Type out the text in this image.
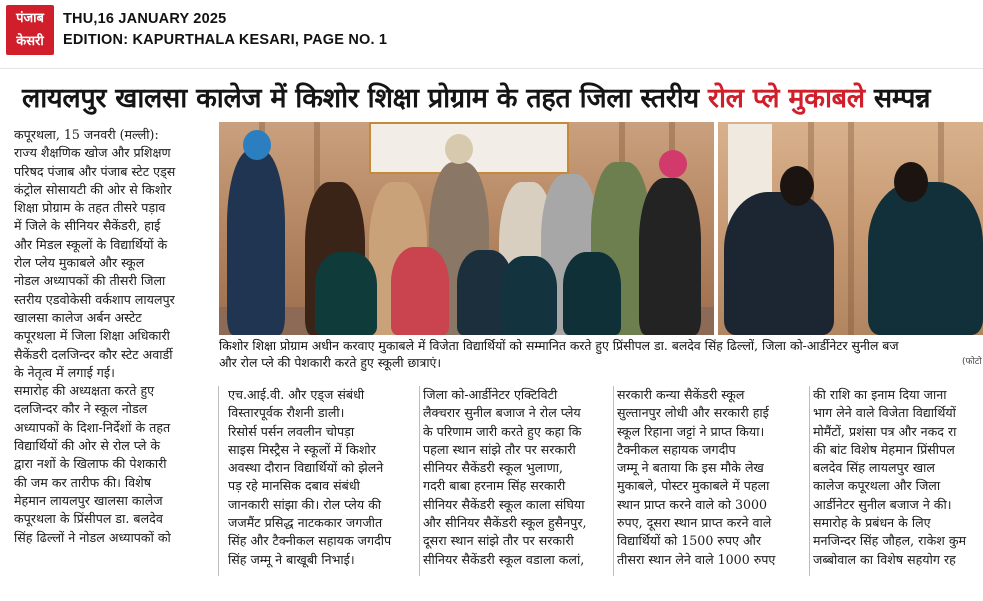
पंजाब
केसरी
THU,16 JANUARY 2025
EDITION: KAPURTHALA KESARI, PAGE NO. 1
लायलपुर खालसा कालेज में किशोर शिक्षा प्रोग्राम के तहत जिला स्तरीय रोल प्ले मुकाबले सम्पन्न
कपूरथला, 15 जनवरी (मल्ली):
राज्य शैक्षणिक खोज और प्रशिक्षण
परिषद पंजाब और पंजाब स्टेट एड्स
कंट्रोल सोसायटी की ओर से किशोर
शिक्षा प्रोग्राम के तहत तीसरे पड़ाव
में जिले के सीनियर सैकेंडरी, हाई
और मिडल स्कूलों के विद्यार्थियों के
रोल प्लेय मुकाबले और स्कूल
नोडल अध्यापकों की तीसरी जिला
स्तरीय एडवोकेसी वर्कशाप लायलपुर
खालसा कालेज अर्बन अस्टेट
कपूरथला में जिला शिक्षा अधिकारी
सैकेंडरी दलजिन्दर कौर स्टेट अवार्डी
के नेतृत्व में लगाई गई।
समारोह की अध्यक्षता करते हुए
दलजिन्दर कौर ने स्कूल नोडल
अध्यापकों के दिशा-निर्देशों के तहत
विद्यार्थियों की ओर से रोल प्ले के
द्वारा नशों के खिलाफ की पेशकारी
की जम कर तारीफ की। विशेष
मेहमान लायलपुर खालसा कालेज
कपूरथला के प्रिंसीपल डा. बलदेव
सिंह ढिल्लों ने नोडल अध्यापकों को
किशोर शिक्षा प्रोग्राम अधीन करवाए मुकाबले में विजेता विद्यार्थियों को सम्मानित करते हुए प्रिंसीपल डा. बलदेव सिंह ढिल्लों, जिला को-आर्डीनेटर सुनील बज
और रोल प्ले की पेशकारी करते हुए स्कूली छात्राएं।	(फोटो
एच.आई.वी. और एड्ज संबंधी
विस्तारपूर्वक रौशनी डाली।
रिसोर्स पर्सन लवलीन चोपड़ा
साइस मिस्ट्रैस ने स्कूलों में किशोर
अवस्था दौरान विद्यार्थियों को झेलने
पड़ रहे मानसिक दबाव संबंधी
जानकारी सांझा की। रोल प्लेय की
जजमैंट प्रसिद्ध नाटककार जगजीत
सिंह और टैक्नीकल सहायक जगदीप
सिंह जम्मू ने बाखूबी निभाई।
जिला को-आर्डीनेटर एक्टिविटी
लैक्चरार सुनील बजाज ने रोल प्लेय
के परिणाम जारी करते हुए कहा कि
पहला स्थान सांझे तौर पर सरकारी
सीनियर सैकेंडरी स्कूल भुलाणा,
गदरी बाबा हरनाम सिंह सरकारी
सीनियर सैकेंडरी स्कूल काला संघिया
और सीनियर सैकेंडरी स्कूल हुसैनपुर,
दूसरा स्थान सांझे तौर पर सरकारी
सीनियर सैकेंडरी स्कूल वडाला कलां,
सरकारी कन्या सैकेंडरी स्कूल
सुल्तानपुर लोधी और सरकारी हाई
स्कूल रिहाना जट्टां ने प्राप्त किया।
टैक्नीकल सहायक जगदीप
जम्मू ने बताया कि इस मौके लेख
मुकाबले, पोस्टर मुकाबले में पहला
स्थान प्राप्त करने वाले को 3000
रुपए, दूसरा स्थान प्राप्त करने वाले
विद्यार्थियों को 1500 रुपए और
तीसरा स्थान लेने वाले 1000 रुपए
की राशि का इनाम दिया जाना
भाग लेने वाले विजेता विद्यार्थियों
मोमैंटों, प्रशंसा पत्र और नकद रा
की बांट विशेष मेहमान प्रिंसीपल
बलदेव सिंह लायलपुर खाल
कालेज कपूरथला और जिला
आर्डीनेटर सुनील बजाज ने की।
समारोह के प्रबंधन के लिए
मनजिन्दर सिंह जौहल, राकेश कुम
जब्बोवाल का विशेष सहयोग रह
